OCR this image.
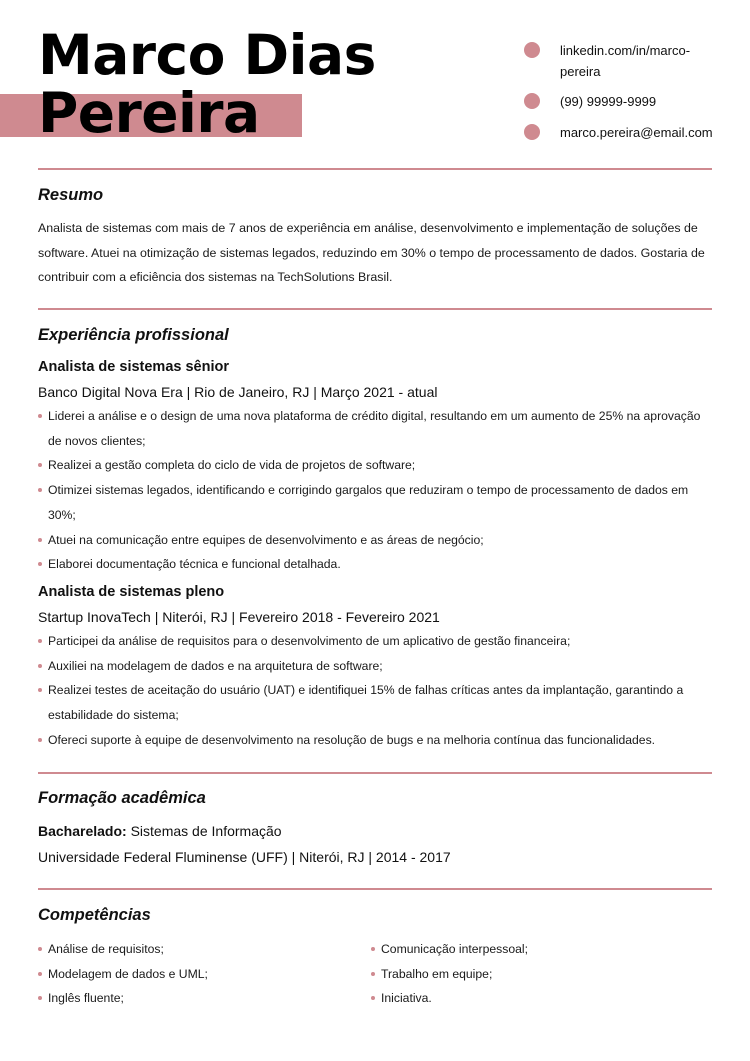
Marco Dias
Pereira
linkedin.com/in/marco-pereira
(99) 99999-9999
marco.pereira@email.com
Resumo

Analista de sistemas com mais de 7 anos de experiência em análise, desenvolvimento e implementação de soluções de software. Atuei na otimização de sistemas legados, reduzindo em 30% o tempo de processamento de dados. Gostaria de contribuir com a eficiência dos sistemas na TechSolutions Brasil.

Experiência profissional
Analista de sistemas sênior

Banco Digital Nova Era | Rio de Janeiro, RJ | Março 2021 - atual

Liderei a análise e o design de uma nova plataforma de crédito digital, resultando em um aumento de 25% na aprovação de novos clientes;
Realizei a gestão completa do ciclo de vida de projetos de software;
Otimizei sistemas legados, identificando e corrigindo gargalos que reduziram o tempo de processamento de dados em 30%;
Atuei na comunicação entre equipes de desenvolvimento e as áreas de negócio;
Elaborei documentação técnica e funcional detalhada.
Analista de sistemas pleno

Startup InovaTech | Niterói, RJ | Fevereiro 2018 - Fevereiro 2021

Participei da análise de requisitos para o desenvolvimento de um aplicativo de gestão financeira;
Auxiliei na modelagem de dados e na arquitetura de software;
Realizei testes de aceitação do usuário (UAT) e identifiquei 15% de falhas críticas antes da implantação, garantindo a estabilidade do sistema;
Ofereci suporte à equipe de desenvolvimento na resolução de bugs e na melhoria contínua das funcionalidades.
Formação acadêmica

Bacharelado: Sistemas de Informação

Universidade Federal Fluminense (UFF) | Niterói, RJ | 2014 - 2017

Competências
Análise de requisitos;
Modelagem de dados e UML;
Inglês fluente;
Comunicação interpessoal;
Trabalho em equipe;
Iniciativa.
